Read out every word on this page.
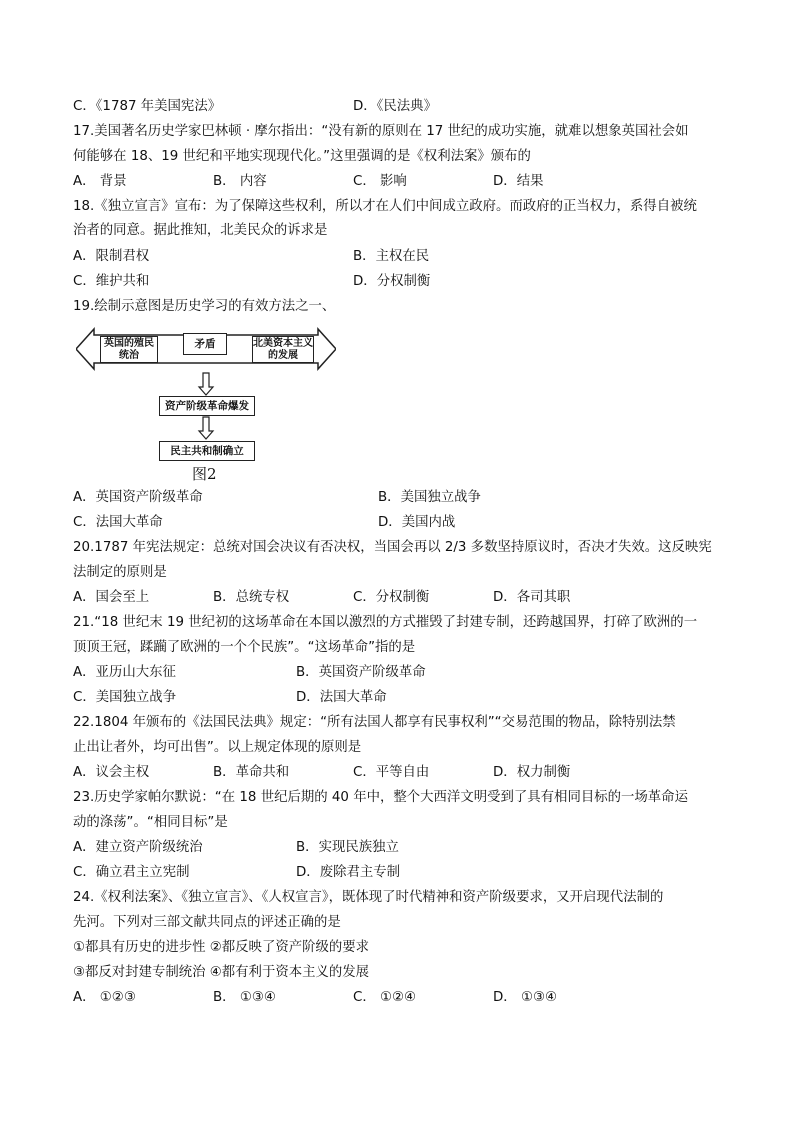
C．《1787 年美国宪法》	D．《民法典》
17.美国著名历史学家巴林顿 · 摩尔指出：“没有新的原则在 17 世纪的成功实施，就难以想象英国社会如
何能够在 18、19 世纪和平地实现现代化。”这里强调的是《权利法案》颁布的
A． 背景	B． 内容	C． 影响	D．结果
18.《独立宣言》宣布：为了保障这些权利，所以才在人们中间成立政府。而政府的正当权力，系得自被统
治者的同意。据此推知，北美民众的诉求是
A．限制君权	B．主权在民
C．维护共和	D．分权制衡
19.绘制示意图是历史学习的有效方法之一、
英国的殖民统治
矛盾	北美资本主义的发展
资产阶级革命爆发
民主共和制确立
图2
A．英国资产阶级革命	B．美国独立战争
C．法国大革命	D．美国内战
20.1787 年宪法规定：总统对国会决议有否决权，当国会再以 2/3 多数坚持原议时，否决才失效。这反映宪
法制定的原则是
A．国会至上	B．总统专权	C．分权制衡	D．各司其职
21.“18 世纪末 19 世纪初的这场革命在本国以激烈的方式摧毁了封建专制，还跨越国界，打碎了欧洲的一
顶顶王冠，蹂躏了欧洲的一个个民族”。“这场革命”指的是
A．亚历山大东征	B．英国资产阶级革命
C．美国独立战争	D．法国大革命
22.1804 年颁布的《法国民法典》规定：“所有法国人都享有民事权利”“交易范围的物品，除特别法禁
止出让者外，均可出售”。以上规定体现的原则是
A．议会主权	B．革命共和	C．平等自由	D．权力制衡
23.历史学家帕尔默说：“在 18 世纪后期的 40 年中，整个大西洋文明受到了具有相同目标的一场革命运
动的涤荡”。“相同目标”是
A．建立资产阶级统治	B．实现民族独立
C．确立君主立宪制	D．废除君主专制
24.《权利法案》、《独立宣言》、《人权宣言》，既体现了时代精神和资产阶级要求，又开启现代法制的
先河。下列对三部文献共同点的评述正确的是
①都具有历史的进步性 ②都反映了资产阶级的要求
③都反对封建专制统治 ④都有利于资本主义的发展
A． ①②③	B． ①③④	C． ①②④	D． ①③④
